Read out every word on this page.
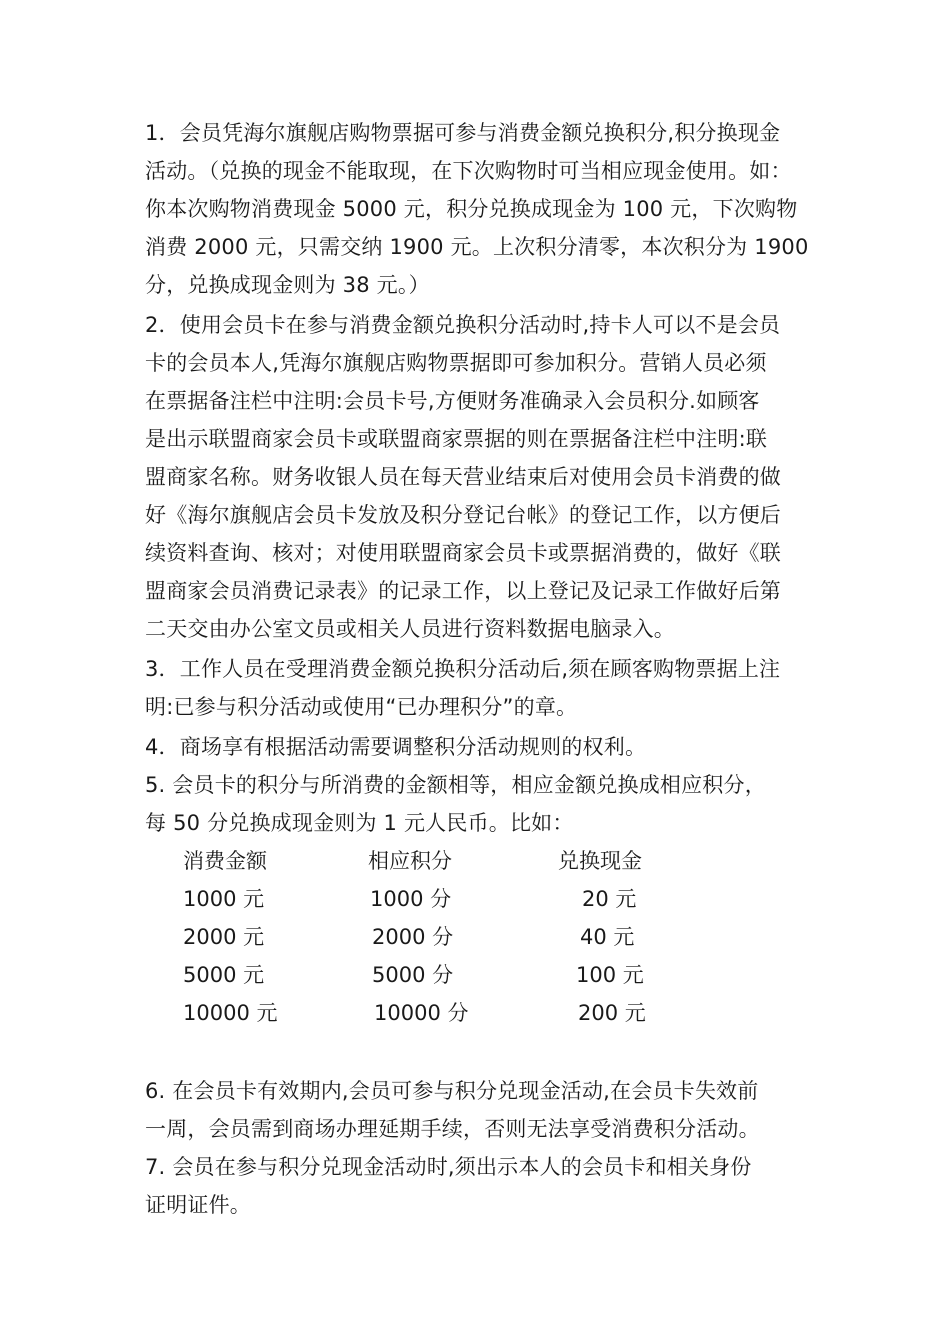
1．会员凭海尔旗舰店购物票据可参与消费金额兑换积分,积分换现金
活动。（兑换的现金不能取现，在下次购物时可当相应现金使用。如：
你本次购物消费现金 5000 元，积分兑换成现金为 100 元，下次购物
消费 2000 元，只需交纳 1900 元。上次积分清零，本次积分为 1900
分，兑换成现金则为 38 元。）
2．使用会员卡在参与消费金额兑换积分活动时,持卡人可以不是会员
卡的会员本人,凭海尔旗舰店购物票据即可参加积分。营销人员必须
在票据备注栏中注明:会员卡号,方便财务准确录入会员积分.如顾客
是出示联盟商家会员卡或联盟商家票据的则在票据备注栏中注明:联
盟商家名称。财务收银人员在每天营业结束后对使用会员卡消费的做
好《海尔旗舰店会员卡发放及积分登记台帐》的登记工作，以方便后
续资料查询、核对；对使用联盟商家会员卡或票据消费的，做好《联
盟商家会员消费记录表》的记录工作，以上登记及记录工作做好后第
二天交由办公室文员或相关人员进行资料数据电脑录入。
3．工作人员在受理消费金额兑换积分活动后,须在顾客购物票据上注
明:已参与积分活动或使用“已办理积分”的章。
4．商场享有根据活动需要调整积分活动规则的权利。
5. 会员卡的积分与所消费的金额相等，相应金额兑换成相应积分，
每 50 分兑换成现金则为 1 元人民币。比如：
消费金额	相应积分	兑换现金
1000 元	1000 分	20 元
2000 元	2000 分	40 元
5000 元	5000 分	100 元
10000 元	10000 分	200 元
6. 在会员卡有效期内,会员可参与积分兑现金活动,在会员卡失效前
一周，会员需到商场办理延期手续，否则无法享受消费积分活动。
7. 会员在参与积分兑现金活动时,须出示本人的会员卡和相关身份
证明证件。
